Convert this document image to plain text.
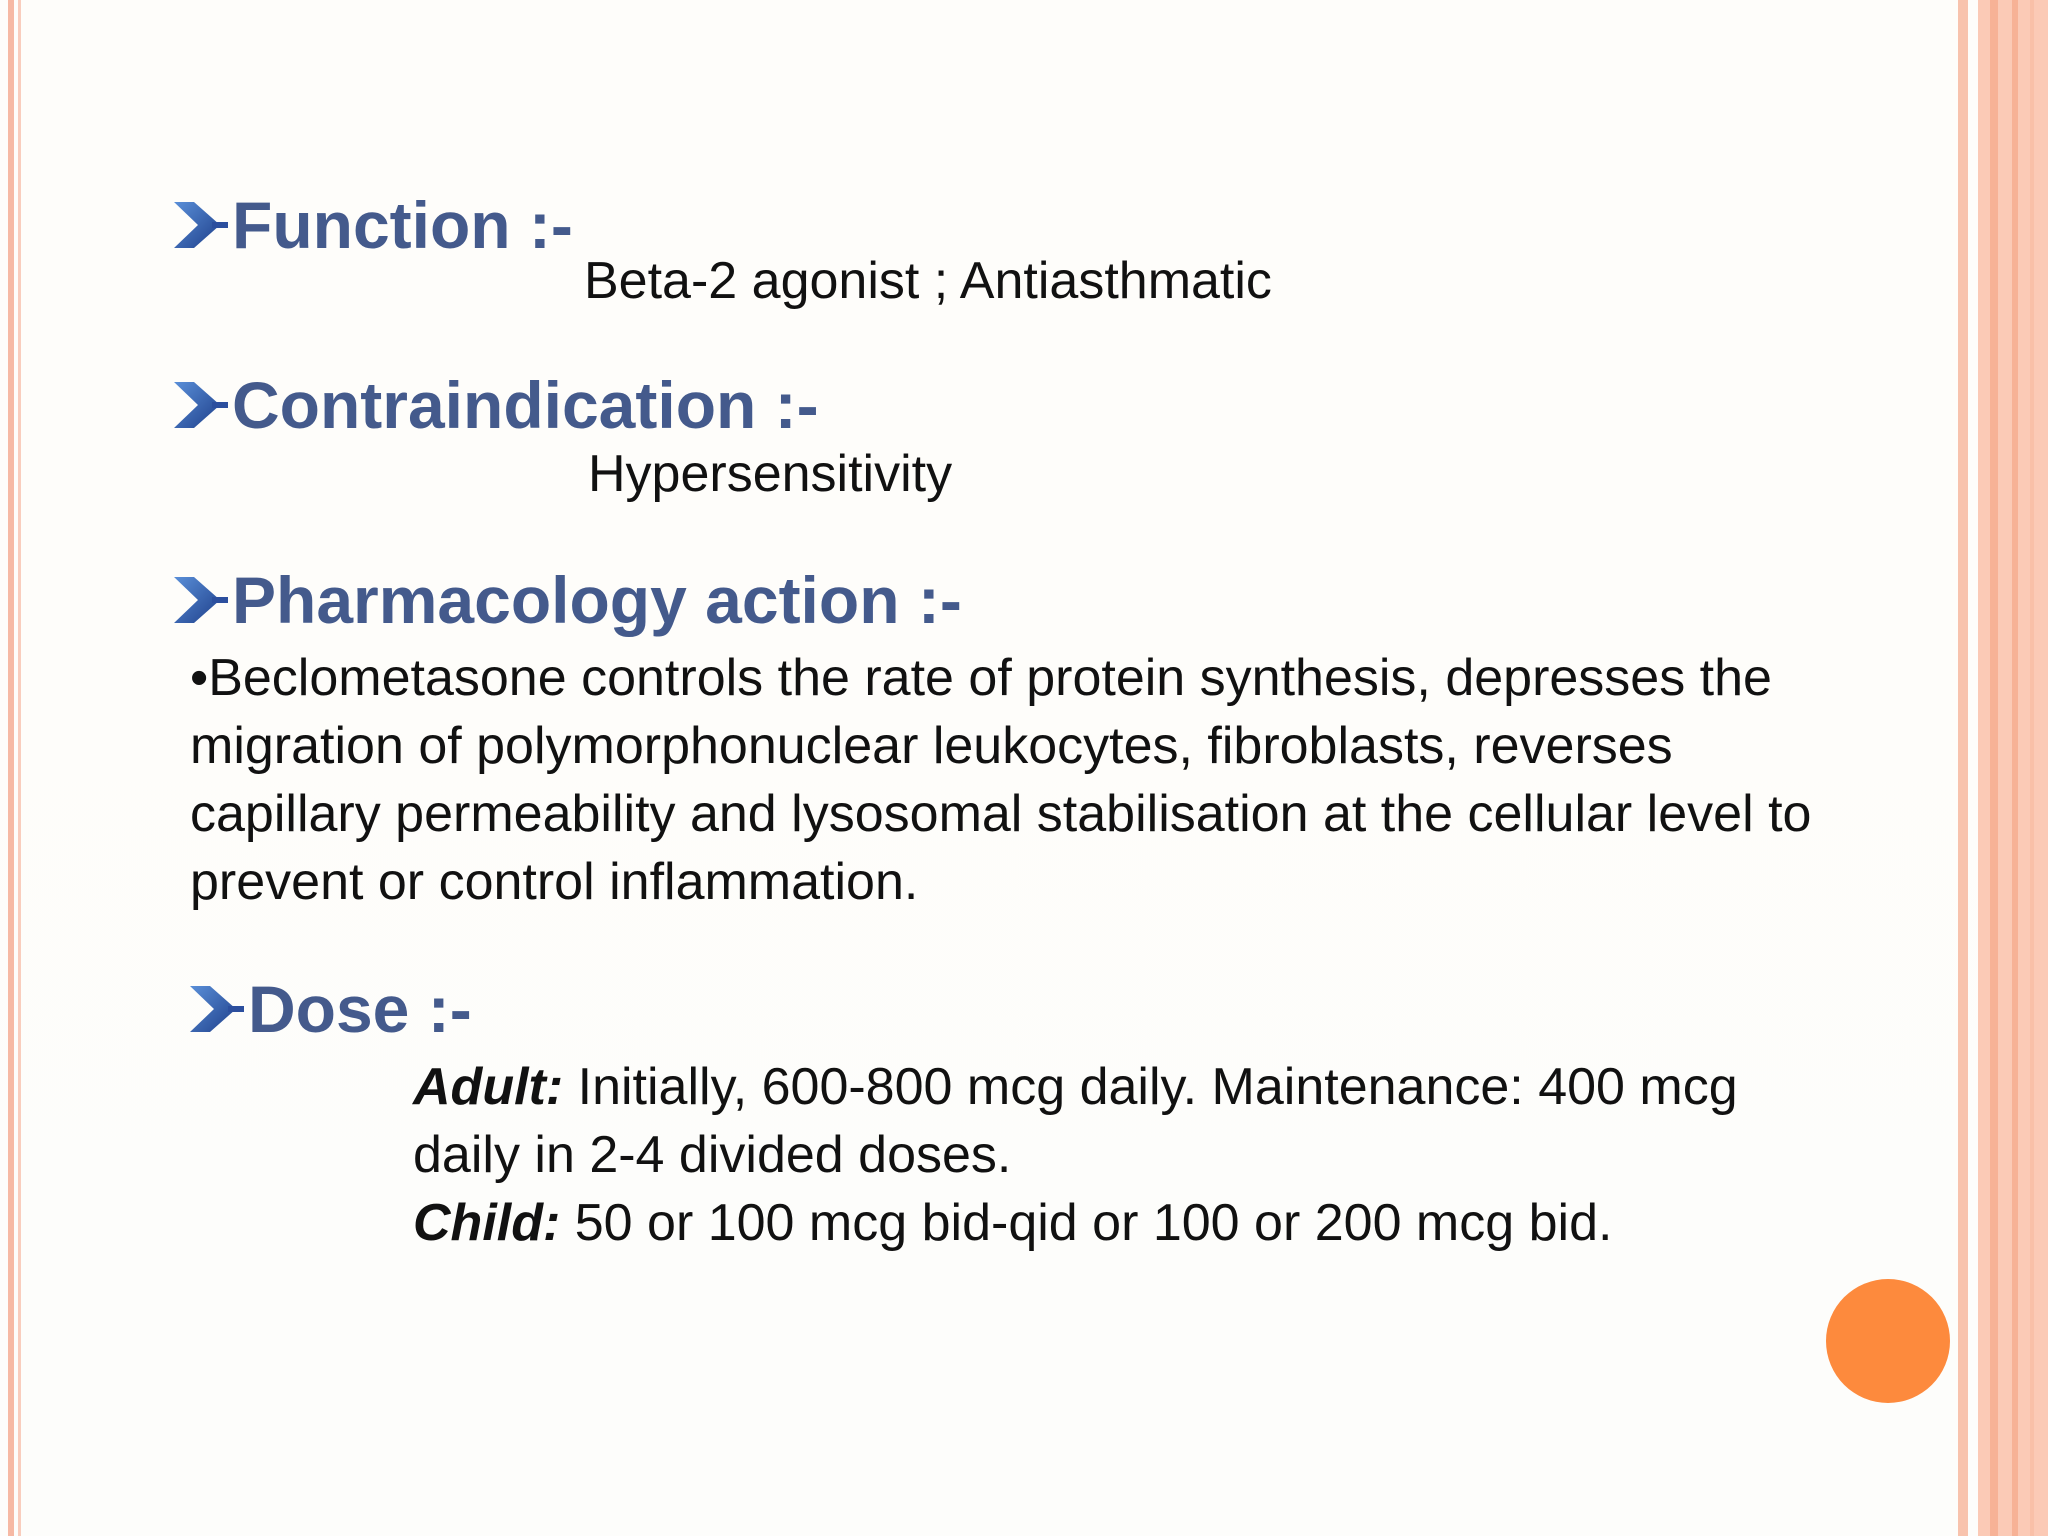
Function :-
Beta-2 agonist ; Antiasthmatic
Contraindication :-
Hypersensitivity
Pharmacology action :-
•Beclometasone controls the rate of protein synthesis, depresses the
migration of polymorphonuclear leukocytes, fibroblasts, reverses
capillary permeability and lysosomal stabilisation at the cellular level to
prevent or control inflammation.
Dose :-
Adult: Initially, 600-800 mcg daily. Maintenance: 400 mcg
daily in 2-4 divided doses.
Child: 50 or 100 mcg bid-qid or 100 or 200 mcg bid.
